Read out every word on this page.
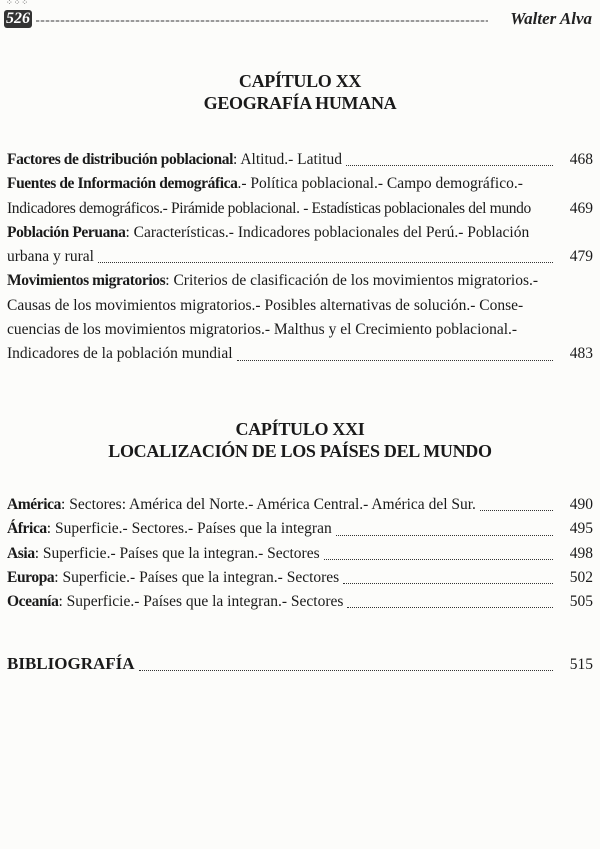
⁘⁘⁘
526	Walter Alva
CAPÍTULO XX
GEOGRAFÍA HUMANA
Factores de distribución poblacional: Altitud.- Latitud	468
Fuentes de Información demográfica.- Política poblacional.- Campo demográfico.-
Indicadores demográficos.- Pirámide poblacional. - Estadísticas poblacionales del mundo	469
Población Peruana: Características.- Indicadores poblacionales del Perú.- Población
urbana y rural	479
Movimientos migratorios: Criterios de clasificación de los movimientos migratorios.-
Causas de los movimientos migratorios.- Posibles alternativas de solución.- Conse-
cuencias de los movimientos migratorios.- Malthus y el Crecimiento poblacional.-
Indicadores de la población mundial	483
CAPÍTULO XXI
LOCALIZACIÓN DE LOS PAÍSES DEL MUNDO
América: Sectores: América del Norte.- América Central.- América del Sur.	490
África: Superficie.- Sectores.- Países que la integran	495
Asia: Superficie.- Países que la integran.- Sectores	498
Europa: Superficie.- Países que la integran.- Sectores	502
Oceanía: Superficie.- Países que la integran.- Sectores	505
BIBLIOGRAFÍA	515
